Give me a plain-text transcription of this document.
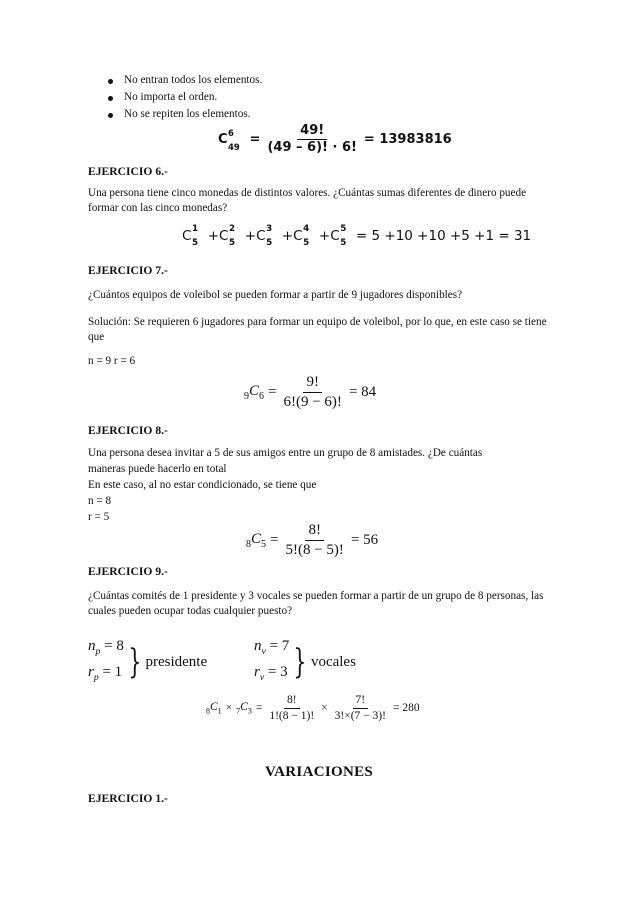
No entran todos los elementos.
No importa el orden.
No se repiten los elementos.
C 6
$49 = \frac{49!}{(49 - 6)! \cdot 6!} = 13983816$
EJERCICIO 6.-
Una persona tiene cinco monedas de distintos valores. ¿Cuántas sumas diferentes de dinero puede formar con las cinco monedas?
C 1
5 + C 2
5 + C 3
5 + C 4
5 + C 5
5
= 5 +10 +10 +5 +1 = 31
EJERCICIO 7.-
¿Cuántos equipos de voleibol se pueden formar a partir de 9 jugadores disponibles?
Solución: Se requieren 6 jugadores para formar un equipo de voleibol, por lo que, en este caso se tiene que
n = 9 r = 6
$_9C_6 = \frac{9!}{6!(9 - 6)!} = 84$
EJERCICIO 8.-
Una persona desea invitar a 5 de sus amigos entre un grupo de 8 amistades. ¿De cuántas
maneras puede hacerlo en total
En este caso, al no estar condicionado, se tiene que
n = 8
r = 5
$_8C_5 = \frac{8!}{5!(8 - 5)!} = 56$
EJERCICIO 9.-
¿Cuántas comités de 1 presidente y 3 vocales se pueden formar a partir de un grupo de 8 personas, las cuales pueden ocupar todas cualquier puesto?
$n_p = 8$
$r_p = 1$ } presidente
$n_v = 7$
$r_v = 3$ } vocales
$_8C_1 \times _7C_3 = \frac{8!}{1!(8 - 1)!} \times \frac{7!}{3!\times(7 - 3)!} = 280$
VARIACIONES
EJERCICIO 1.-
